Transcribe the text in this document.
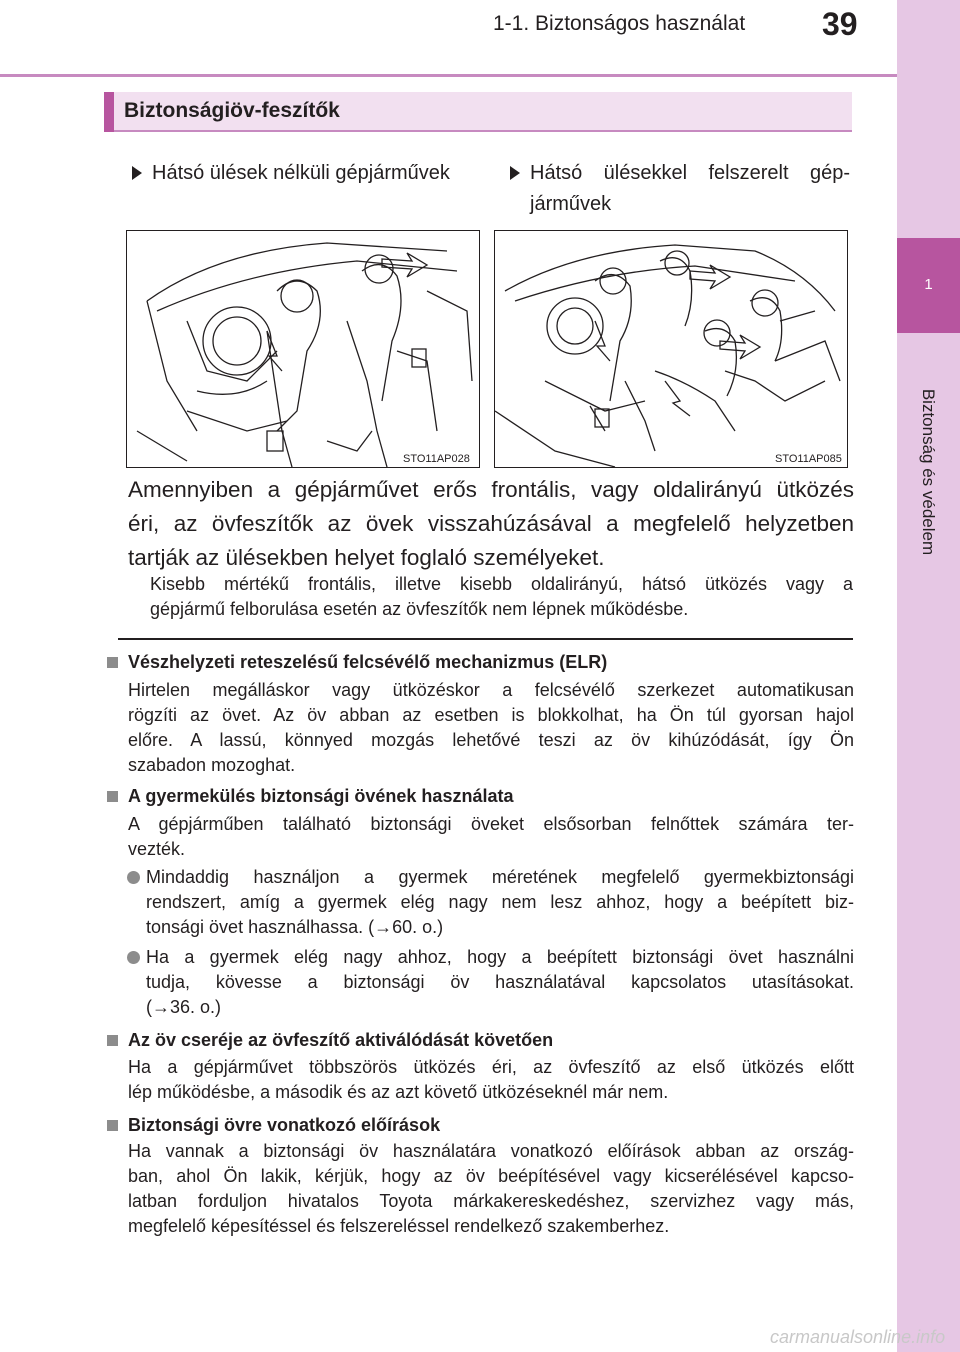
1
Biztonság és védelem
1-1. Biztonságos használat 39
Biztonságiöv-feszítők
Hátsó ülések nélküli gépjárművek	Hátsó ülésekkel felszerelt gép-
járművek
STO11AP028	STO11AP085
Amennyiben a gépjárművet erős frontális, vagy oldalirányú ütközés
éri, az övfeszítők az övek visszahúzásával a megfelelő helyzetben
tartják az ülésekben helyet foglaló személyeket.
Kisebb mértékű frontális, illetve kisebb oldalirányú, hátsó ütközés vagy a
gépjármű felborulása esetén az övfeszítők nem lépnek működésbe.
Vészhelyzeti reteszelésű felcsévélő mechanizmus (ELR)
Hirtelen megálláskor vagy ütközéskor a felcsévélő szerkezet automatikusan
rögzíti az övet. Az öv abban az esetben is blokkolhat, ha Ön túl gyorsan hajol
előre. A lassú, könnyed mozgás lehetővé teszi az öv kihúzódását, így Ön
szabadon mozoghat.
A gyermekülés biztonsági övének használata
A gépjárműben található biztonsági öveket elsősorban felnőttek számára ter-
vezték.
Mindaddig használjon a gyermek méretének megfelelő gyermekbiztonsági
rendszert, amíg a gyermek elég nagy nem lesz ahhoz, hogy a beépített biz-
tonsági övet használhassa. (→60. o.)
Ha a gyermek elég nagy ahhoz, hogy a beépített biztonsági övet használni
tudja, kövesse a biztonsági öv használatával kapcsolatos utasításokat.
(→36. o.)
Az öv cseréje az övfeszítő aktiválódását követően
Ha a gépjárművet többszörös ütközés éri, az övfeszítő az első ütközés előtt
lép működésbe, a második és az azt követő ütközéseknél már nem.
Biztonsági övre vonatkozó előírások
Ha vannak a biztonsági öv használatára vonatkozó előírások abban az ország-
ban, ahol Ön lakik, kérjük, hogy az öv beépítésével vagy kicserélésével kapcso-
latban forduljon hivatalos Toyota márkakereskedéshez, szervizhez vagy más,
megfelelő képesítéssel és felszereléssel rendelkező szakemberhez.
carmanualsonline.info
